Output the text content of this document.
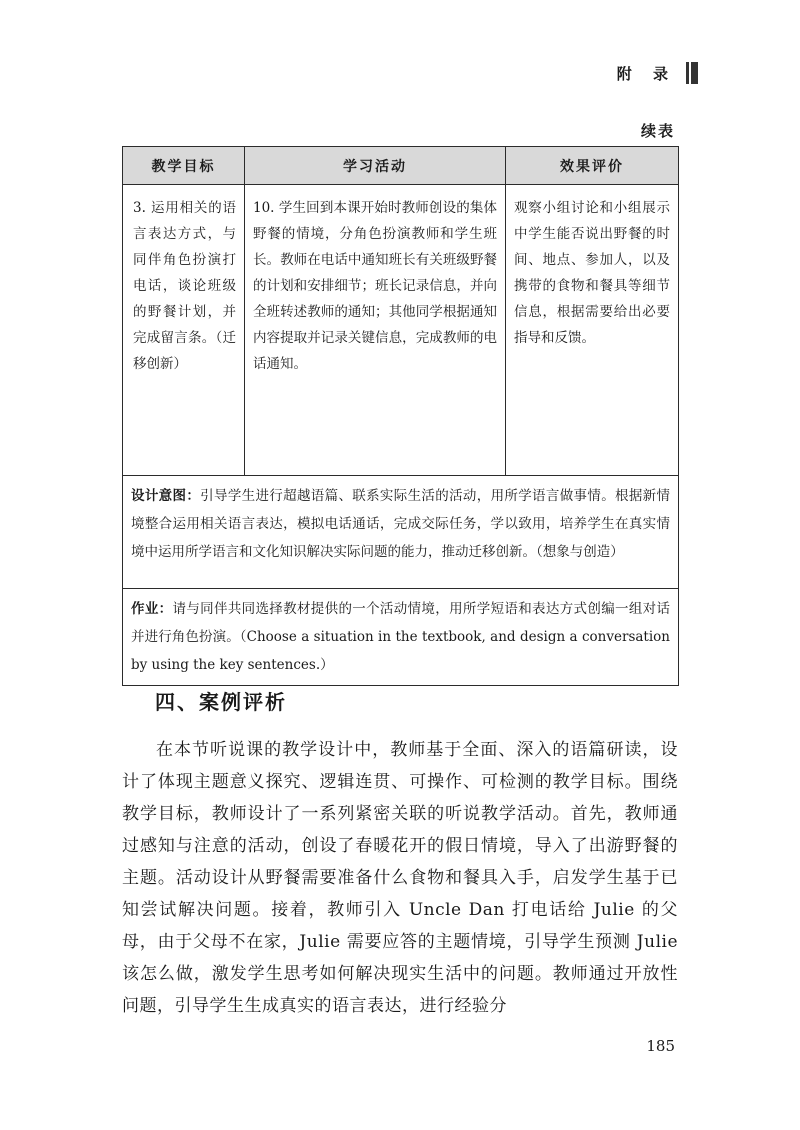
附 录
续表
教学目标	学习活动	效果评价
3. 运用相关的语言表达方式，与同伴角色扮演打电话，谈论班级的野餐计划，并完成留言条。（迁移创新）	10. 学生回到本课开始时教师创设的集体野餐的情境，分角色扮演教师和学生班长。教师在电话中通知班长有关班级野餐的计划和安排细节；班长记录信息，并向全班转述教师的通知；其他同学根据通知内容提取并记录关键信息，完成教师的电话通知。	观察小组讨论和小组展示中学生能否说出野餐的时间、地点、参加人，以及携带的食物和餐具等细节信息，根据需要给出必要指导和反馈。
设计意图：引导学生进行超越语篇、联系实际生活的活动，用所学语言做事情。根据新情境整合运用相关语言表达，模拟电话通话，完成交际任务，学以致用，培养学生在真实情境中运用所学语言和文化知识解决实际问题的能力，推动迁移创新。（想象与创造）		
作业：请与同伴共同选择教材提供的一个活动情境，用所学短语和表达方式创编一组对话并进行角色扮演。（Choose a situation in the textbook, and design a conversation by using the key sentences.）		
四、案例评析

在本节听说课的教学设计中，教师基于全面、深入的语篇研读，设计了体现主题意义探究、逻辑连贯、可操作、可检测的教学目标。围绕教学目标，教师设计了一系列紧密关联的听说教学活动。首先，教师通过感知与注意的活动，创设了春暖花开的假日情境，导入了出游野餐的主题。活动设计从野餐需要准备什么食物和餐具入手，启发学生基于已知尝试解决问题。接着，教师引入 Uncle Dan 打电话给 Julie 的父母，由于父母不在家，Julie 需要应答的主题情境，引导学生预测 Julie 该怎么做，激发学生思考如何解决现实生活中的问题。教师通过开放性问题，引导学生生成真实的语言表达，进行经验分

185
